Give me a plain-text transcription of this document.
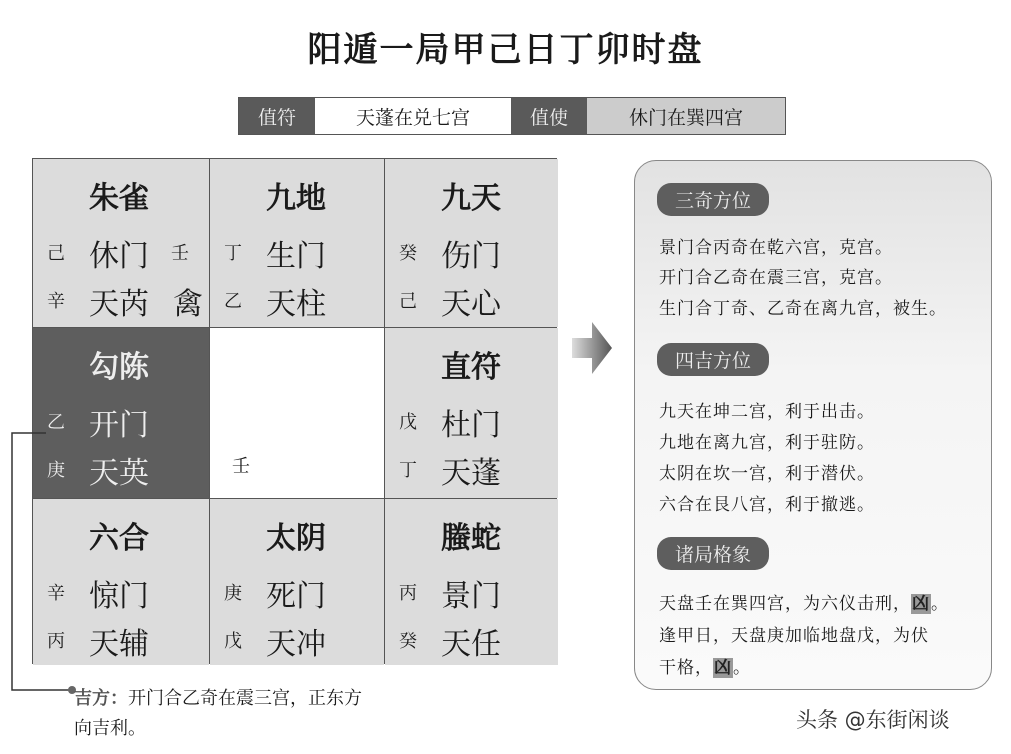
阳遁一局甲己日丁卯时盘
值符	天蓬在兑七宫	值使	休门在巽四宫
朱雀
己 休门
辛 天芮
壬
禽
九地
丁 生门
乙 天柱
九天
癸 伤门
己 天心
勾陈
乙 开门
庚 天英	壬
直符
戊 杜门
丁 天蓬
六合
辛 惊门
丙 天辅
太阴
庚 死门
戊 天冲
螣蛇
丙 景门
癸 天任
三奇方位
景门合丙奇在乾六宫，克宫。
开门合乙奇在震三宫，克宫。
生门合丁奇、乙奇在离九宫，被生。
四吉方位
九天在坤二宫，利于出击。
九地在离九宫，利于驻防。
太阴在坎一宫，利于潜伏。
六合在艮八宫，利于撤逃。
诸局格象
天盘壬在巽四宫，为六仪击刑，凶。
逢甲日，天盘庚加临地盘戊，为伏
干格，凶。
吉方：开门合乙奇在震三宫，正东方向吉利。	头条 @东街闲谈
